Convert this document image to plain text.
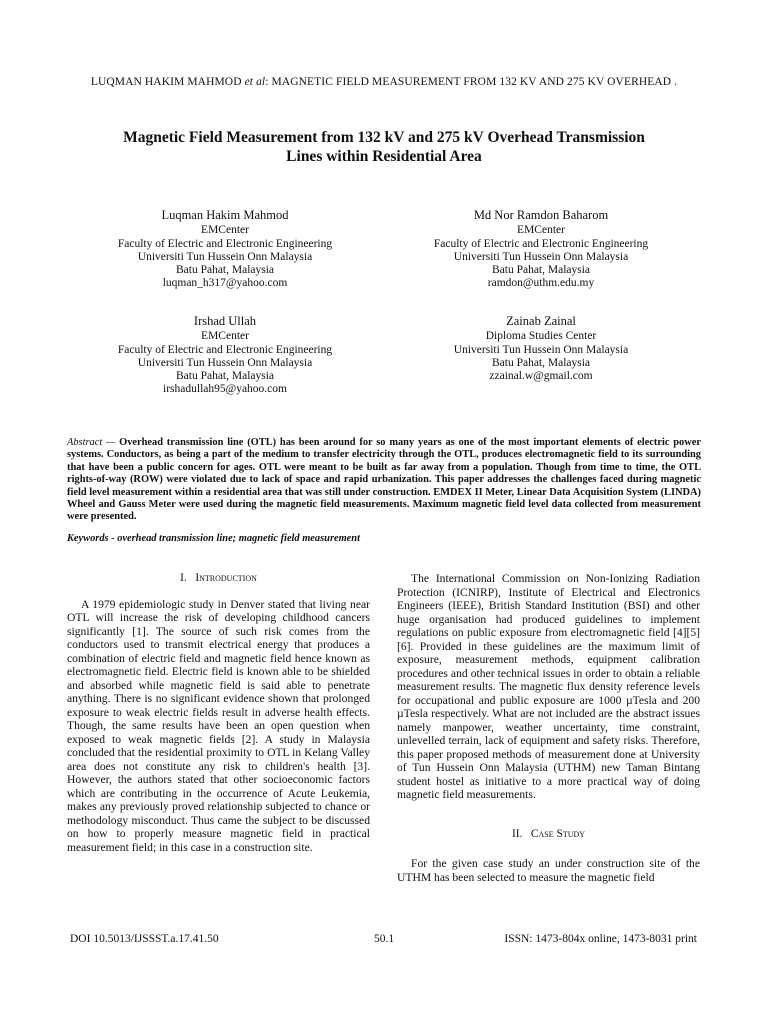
LUQMAN HAKIM MAHMOD et al: MAGNETIC FIELD MEASUREMENT FROM 132 KV AND 275 KV OVERHEAD .
Magnetic Field Measurement from 132 kV and 275 kV Overhead Transmission
Lines within Residential Area
Luqman Hakim Mahmod
EMCenter
Faculty of Electric and Electronic Engineering
Universiti Tun Hussein Onn Malaysia
Batu Pahat, Malaysia
luqman_h317@yahoo.com
Md Nor Ramdon Baharom
EMCenter
Faculty of Electric and Electronic Engineering
Universiti Tun Hussein Onn Malaysia
Batu Pahat, Malaysia
ramdon@uthm.edu.my
Irshad Ullah
EMCenter
Faculty of Electric and Electronic Engineering
Universiti Tun Hussein Onn Malaysia
Batu Pahat, Malaysia
irshadullah95@yahoo.com
Zainab Zainal
Diploma Studies Center
Universiti Tun Hussein Onn Malaysia
Batu Pahat, Malaysia
zzainal.w@gmail.com
Abstract — Overhead transmission line (OTL) has been around for so many years as one of the most important elements of electric power systems. Conductors, as being a part of the medium to transfer electricity through the OTL, produces electromagnetic field to its surrounding that have been a public concern for ages. OTL were meant to be built as far away from a population. Though from time to time, the OTL rights-of-way (ROW) were violated due to lack of space and rapid urbanization. This paper addresses the challenges faced during magnetic field level measurement within a residential area that was still under construction. EMDEX II Meter, Linear Data Acquisition System (LINDA) Wheel and Gauss Meter were used during the magnetic field measurements. Maximum magnetic field level data collected from measurement were presented.
Keywords - overhead transmission line; magnetic field measurement
I. Introduction

A 1979 epidemiologic study in Denver stated that living near OTL will increase the risk of developing childhood cancers significantly [1]. The source of such risk comes from the conductors used to transmit electrical energy that produces a combination of electric field and magnetic field hence known as electromagnetic field. Electric field is known able to be shielded and absorbed while magnetic field is said able to penetrate anything. There is no significant evidence shown that prolonged exposure to weak electric fields result in adverse health effects. Though, the same results have been an open question when exposed to weak magnetic fields [2]. A study in Malaysia concluded that the residential proximity to OTL in Kelang Valley area does not constitute any risk to children's health [3]. However, the authors stated that other socioeconomic factors which are contributing in the occurrence of Acute Leukemia, makes any previously proved relationship subjected to chance or methodology misconduct. Thus came the subject to be discussed on how to properly measure magnetic field in practical measurement field; in this case in a construction site.

The International Commission on Non-Ionizing Radiation Protection (ICNIRP), Institute of Electrical and Electronics Engineers (IEEE), British Standard Institution (BSI) and other huge organisation had produced guidelines to implement regulations on public exposure from electromagnetic field [4][5][6]. Provided in these guidelines are the maximum limit of exposure, measurement methods, equipment calibration procedures and other technical issues in order to obtain a reliable measurement results. The magnetic flux density reference levels for occupational and public exposure are 1000 µTesla and 200 µTesla respectively. What are not included are the abstract issues namely manpower, weather uncertainty, time constraint, unlevelled terrain, lack of equipment and safety risks. Therefore, this paper proposed methods of measurement done at University of Tun Hussein Onn Malaysia (UTHM) new Taman Bintang student hostel as initiative to a more practical way of doing magnetic field measurements.

II. Case Study

For the given case study an under construction site of the UTHM has been selected to measure the magnetic field

DOI 10.5013/IJSSST.a.17.41.50	50.1	ISSN: 1473-804x online, 1473-8031 print
